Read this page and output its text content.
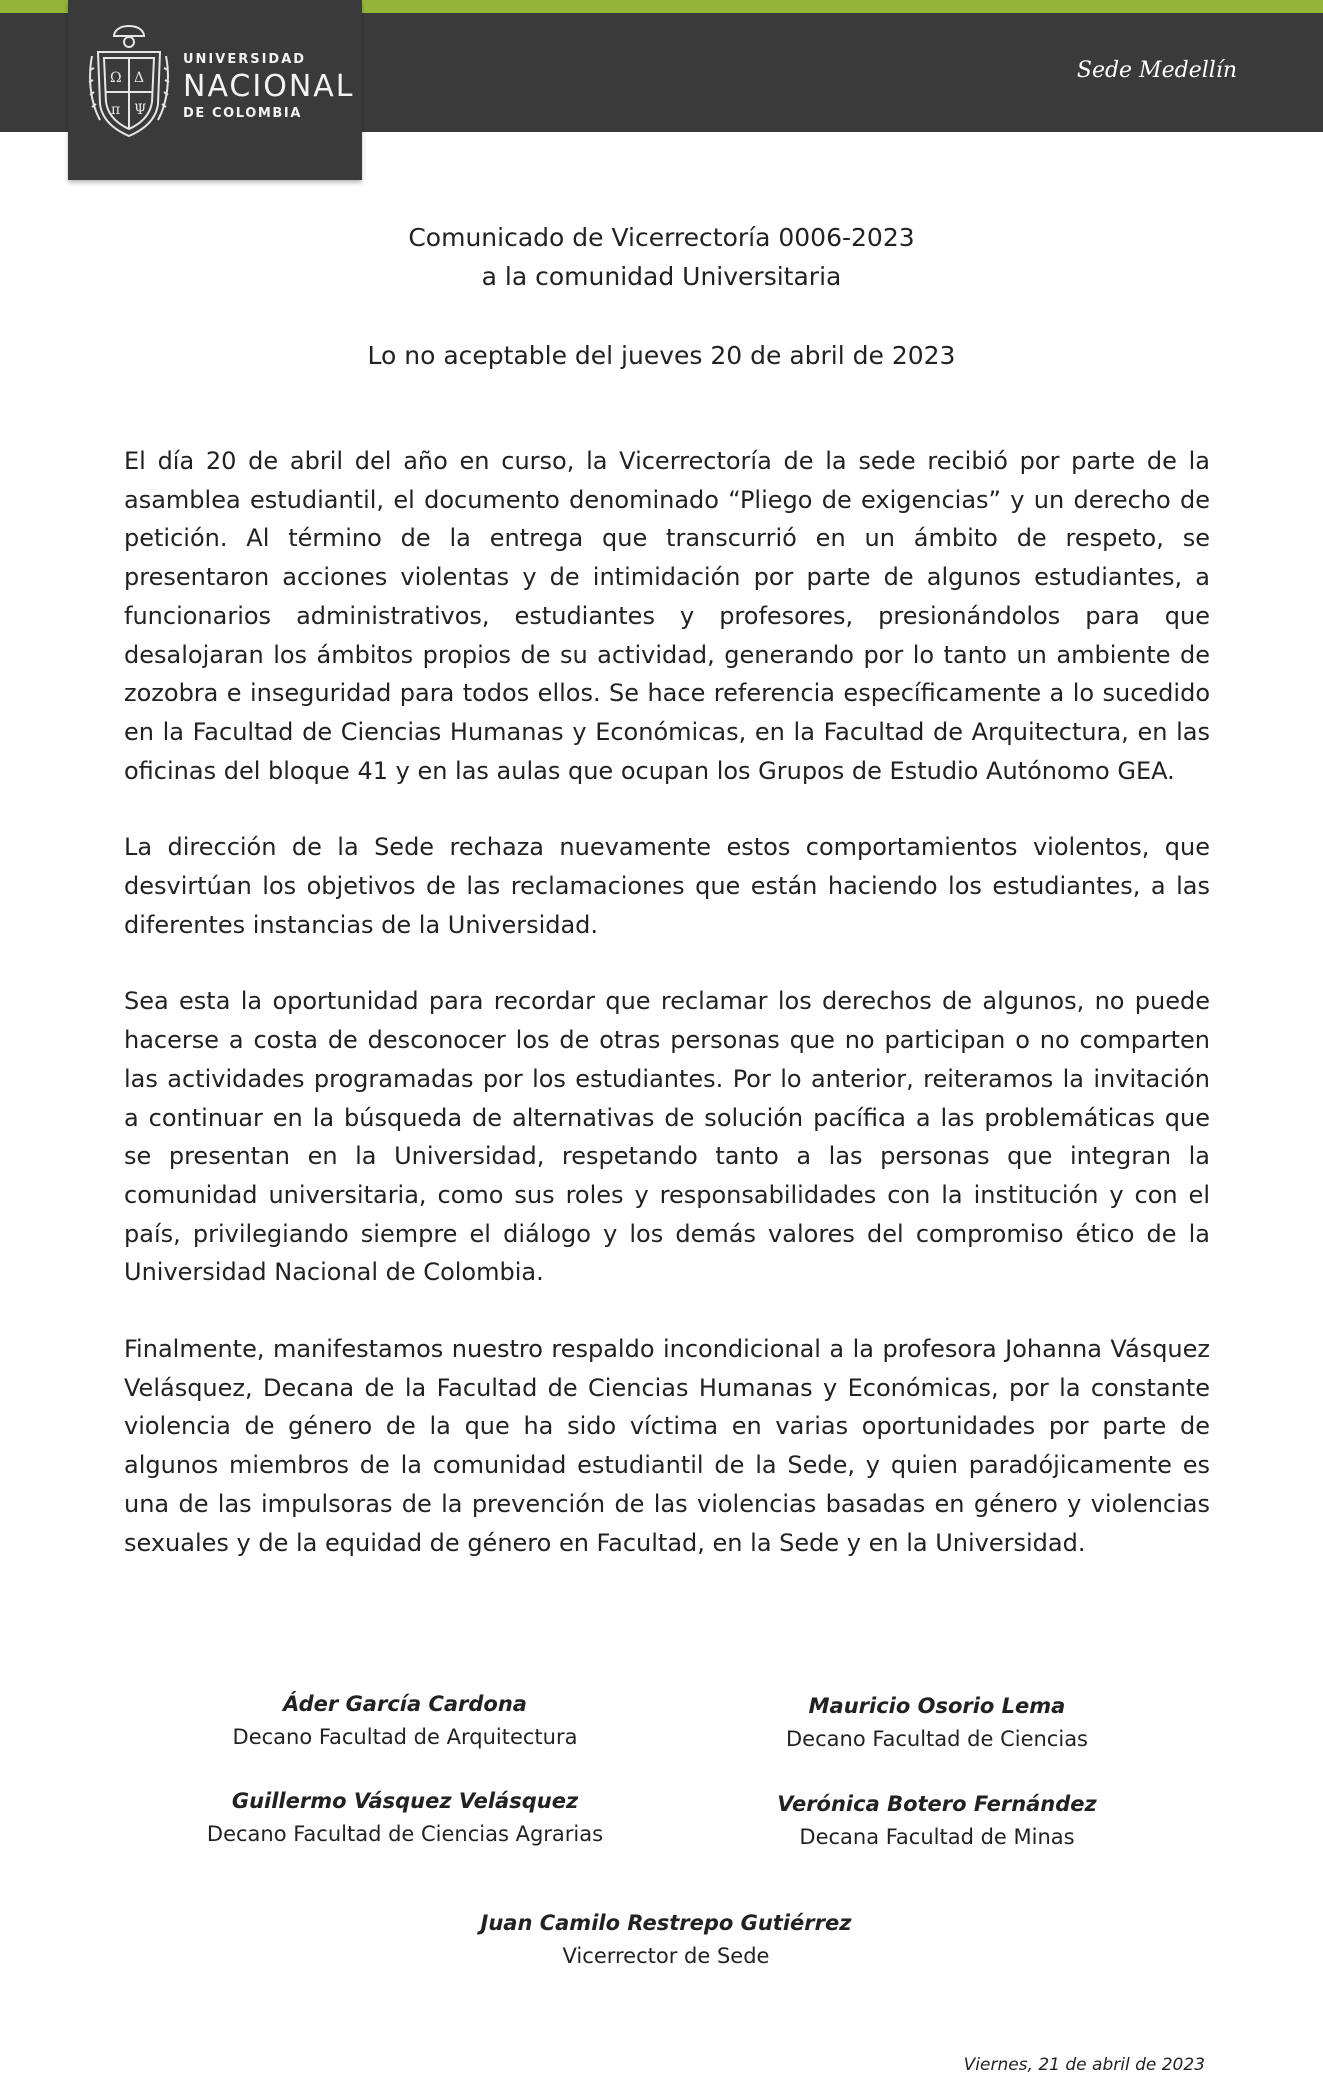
Ω Δ
π Ψ
UNIVERSIDAD
NACIONAL
DE COLOMBIA
Sede Medellín
Comunicado de Vicerrectoría 0006-2023
a la comunidad Universitaria
Lo no aceptable del jueves 20 de abril de 2023

El día 20 de abril del año en curso, la Vicerrectoría de la sede recibió por parte de la asamblea estudiantil, el documento denominado “Pliego de exigencias” y un derecho de petición. Al término de la entrega que transcurrió en un ámbito de respeto, se presentaron acciones violentas y de intimidación por parte de algunos estudiantes, a funcionarios administrativos, estudiantes y profesores, presionándolos para que desalojaran los ámbitos propios de su actividad, generando por lo tanto un ambiente de zozobra e inseguridad para todos ellos. Se hace referencia específicamente a lo sucedido en la Facultad de Ciencias Humanas y Económicas, en la Facultad de Arquitectura, en las oficinas del bloque 41 y en las aulas que ocupan los Grupos de Estudio Autónomo GEA.

La dirección de la Sede rechaza nuevamente estos comportamientos violentos, que desvirtúan los objetivos de las reclamaciones que están haciendo los estudiantes, a las diferentes instancias de la Universidad.

Sea esta la oportunidad para recordar que reclamar los derechos de algunos, no puede hacerse a costa de desconocer los de otras personas que no participan o no comparten las actividades programadas por los estudiantes. Por lo anterior, reiteramos la invitación a continuar en la búsqueda de alternativas de solución pacífica a las problemáticas que se presentan en la Universidad, respetando tanto a las personas que integran la comunidad universitaria, como sus roles y responsabilidades con la institución y con el país, privilegiando siempre el diálogo y los demás valores del compromiso ético de la Universidad Nacional de Colombia.

Finalmente, manifestamos nuestro respaldo incondicional a la profesora Johanna Vásquez Velásquez, Decana de la Facultad de Ciencias Humanas y Económicas, por la constante violencia de género de la que ha sido víctima en varias oportunidades por parte de algunos miembros de la comunidad estudiantil de la Sede, y quien paradójicamente es una de las impulsoras de la prevención de las violencias basadas en género y violencias sexuales y de la equidad de género en Facultad, en la Sede y en la Universidad.

Áder García Cardona
Decano Facultad de Arquitectura
Mauricio Osorio Lema
Decano Facultad de Ciencias
Guillermo Vásquez Velásquez
Decano Facultad de Ciencias Agrarias
Verónica Botero Fernández
Decana Facultad de Minas
Juan Camilo Restrepo Gutiérrez
Vicerrector de Sede
Viernes, 21 de abril de 2023
